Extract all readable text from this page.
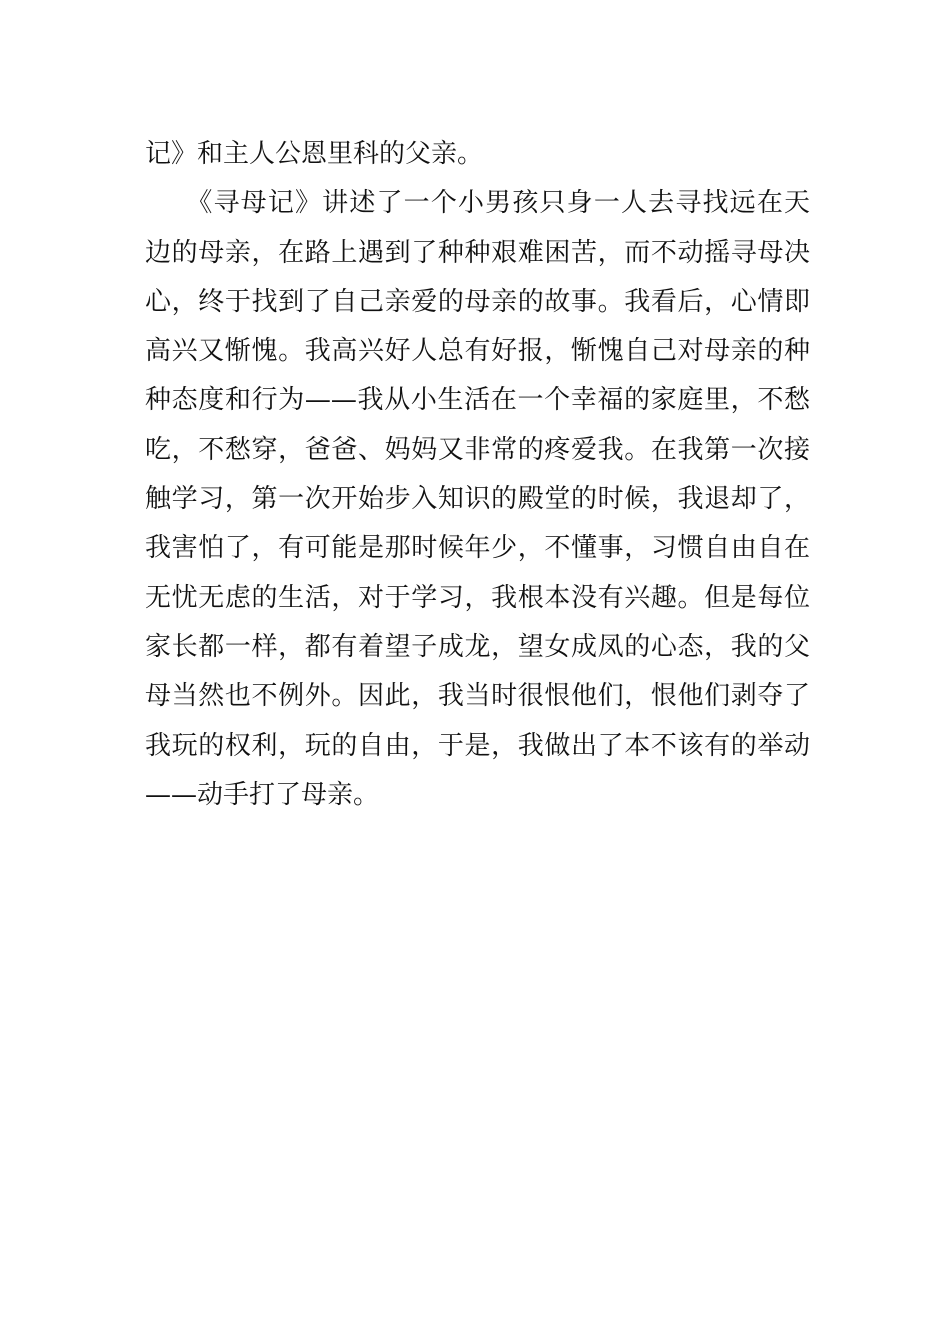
记》和主人公恩里科的父亲。
　　《寻母记》讲述了一个小男孩只身一人去寻找远在天
边的母亲，在路上遇到了种种艰难困苦，而不动摇寻母决
心，终于找到了自己亲爱的母亲的故事。我看后，心情即
高兴又惭愧。我高兴好人总有好报，惭愧自己对母亲的种
种态度和行为——我从小生活在一个幸福的家庭里，不愁
吃，不愁穿，爸爸、妈妈又非常的疼爱我。在我第一次接
触学习，第一次开始步入知识的殿堂的时候，我退却了，
我害怕了，有可能是那时候年少，不懂事，习惯自由自在
无忧无虑的生活，对于学习，我根本没有兴趣。但是每位
家长都一样，都有着望子成龙，望女成凤的心态，我的父
母当然也不例外。因此，我当时很恨他们，恨他们剥夺了
我玩的权利，玩的自由，于是，我做出了本不该有的举动
——动手打了母亲。
